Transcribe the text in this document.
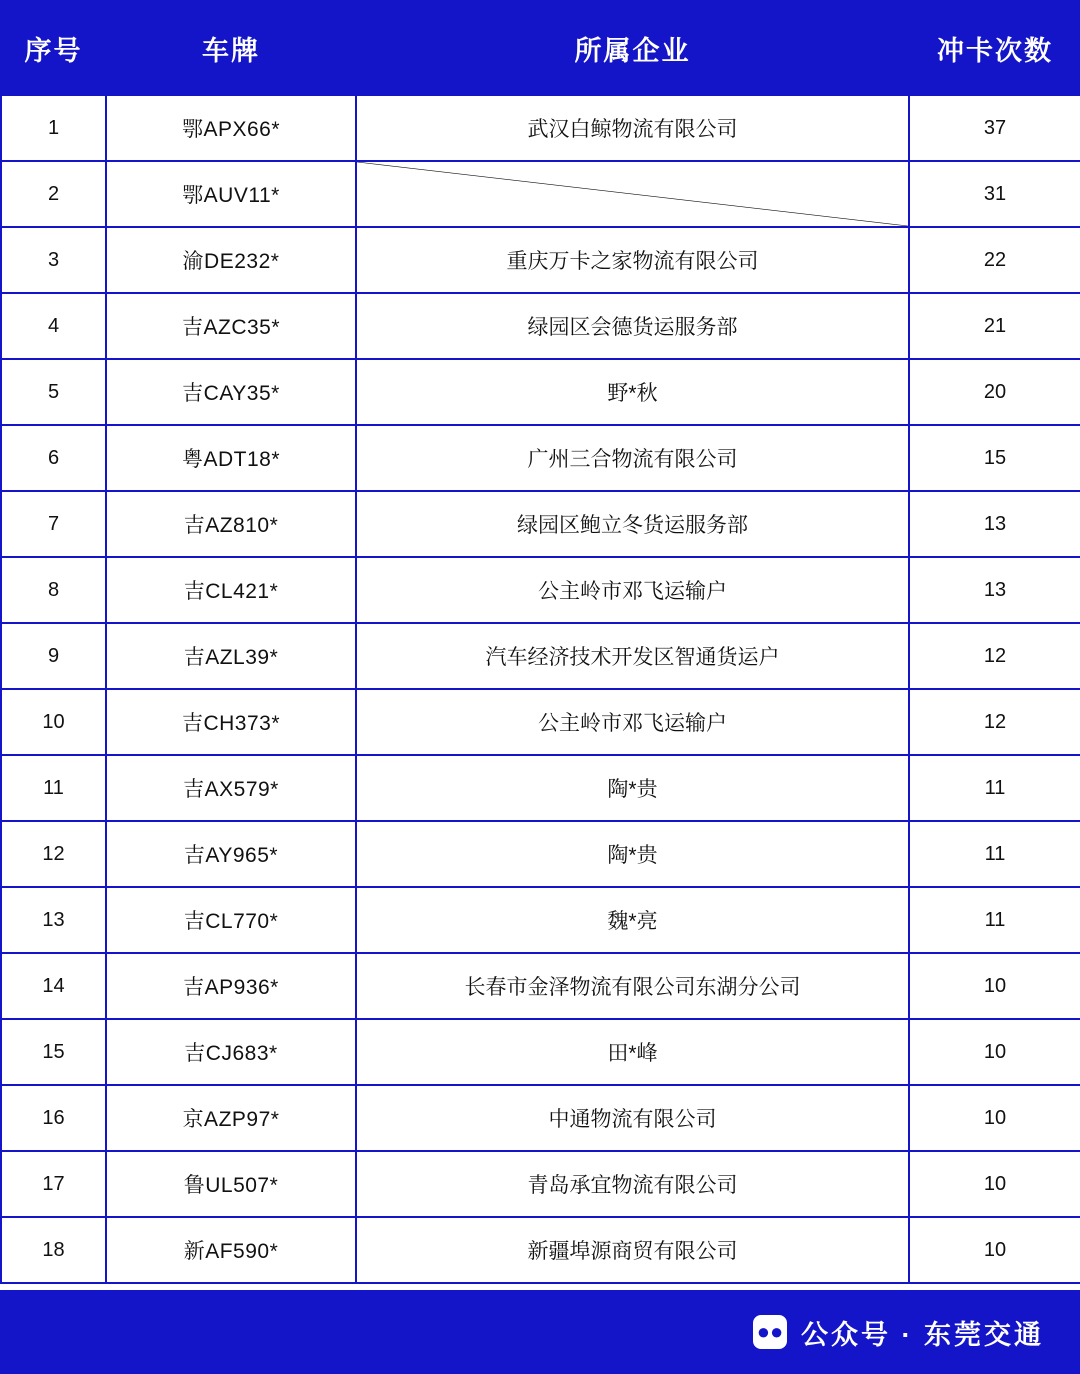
序号	车牌	所属企业	冲卡次数
1	鄂APX66*	武汉白鲸物流有限公司	37
2	鄂AUV11*		31
3	渝DE232*	重庆万卡之家物流有限公司	22
4	吉AZC35*	绿园区会德货运服务部	21
5	吉CAY35*	野*秋	20
6	粤ADT18*	广州三合物流有限公司	15
7	吉AZ810*	绿园区鲍立冬货运服务部	13
8	吉CL421*	公主岭市邓飞运输户	13
9	吉AZL39*	汽车经济技术开发区智通货运户	12
10	吉CH373*	公主岭市邓飞运输户	12
11	吉AX579*	陶*贵	11
12	吉AY965*	陶*贵	11
13	吉CL770*	魏*亮	11
14	吉AP936*	长春市金泽物流有限公司东湖分公司	10
15	吉CJ683*	田*峰	10
16	京AZP97*	中通物流有限公司	10
17	鲁UL507*	青岛承宜物流有限公司	10
18	新AF590*	新疆埠源商贸有限公司	10
●● 公众号 · 东莞交通
